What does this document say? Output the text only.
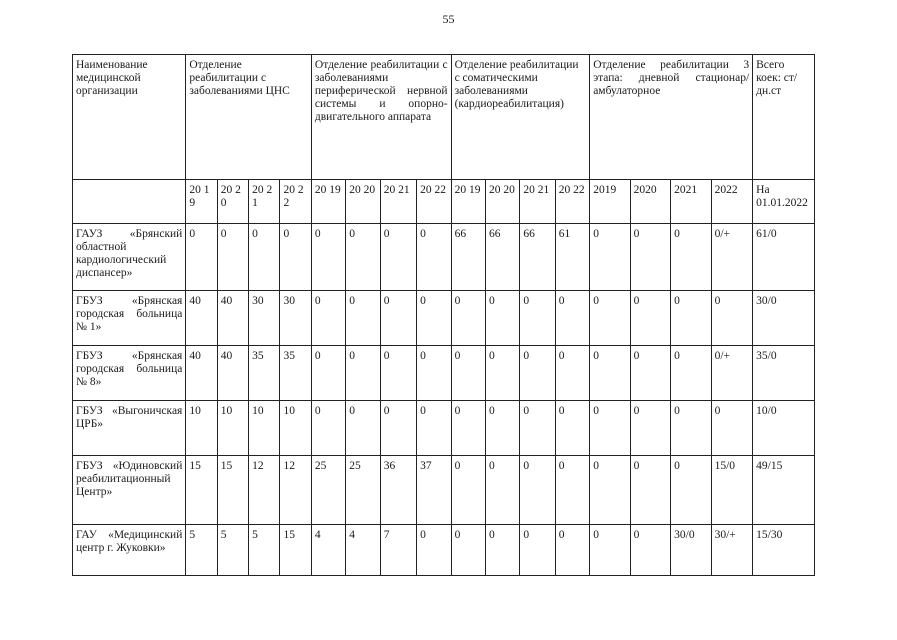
55
Наименование медицинской организации	Отделение реабилитации с заболеваниями ЦНС				Отделение реабилитации с заболеваниями периферической нервной системы и опорно-двигательного аппарата				Отделение реабилитации с соматическими заболеваниями (кардиореабилитация)				Отделение реабилитации 3 этапа: дневной стационар/ амбулаторное				Всего коек: ст/дн.ст
	20 19	20 20	20 21	20 22	20 19	20 20	20 21	20 22	20 19	20 20	20 21	20 22	2019	2020	2021	2022	На 01.01.2022
ГАУЗ «Брянский областной кардиологический диспансер»	0	0	0	0	0	0	0	0	66	66	66	61	0	0	0	0/+	61/0
ГБУЗ «Брянская городская больница № 1»	40	40	30	30	0	0	0	0	0	0	0	0	0	0	0	0	30/0
ГБУЗ «Брянская городская больница № 8»	40	40	35	35	0	0	0	0	0	0	0	0	0	0	0	0/+	35/0
ГБУЗ «Выгоничская ЦРБ»	10	10	10	10	0	0	0	0	0	0	0	0	0	0	0	0	10/0
ГБУЗ «Юдиновский реабилитационный Центр»	15	15	12	12	25	25	36	37	0	0	0	0	0	0	0	15/0	49/15
ГАУ «Медицинский центр г. Жуковки»	5	5	5	15	4	4	7	0	0	0	0	0	0	0	30/0	30/+	15/30
